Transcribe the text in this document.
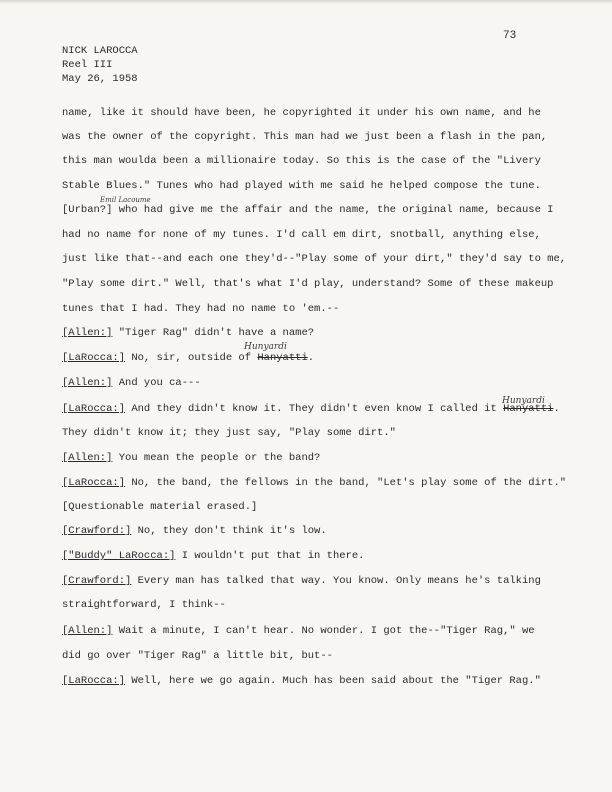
73
NICK LAROCCA
Reel III
May 26, 1958
name, like it should have been, he copyrighted it under his own name, and he
was the owner of the copyright. This man had we just been a flash in the pan,
this man woulda been a millionaire today. So this is the case of the "Livery
Stable Blues." Tunes who had played with me said he helped compose the tune.
[Urban?] who had give me the affair and the name, the original name, because I
had no name for none of my tunes. I'd call em dirt, snotball, anything else,
just like that--and each one they'd--"Play some of your dirt," they'd say to me,
"Play some dirt." Well, that's what I'd play, understand? Some of these makeup
tunes that I had. They had no name to 'em.--
[Allen:] "Tiger Rag" didn't have a name?
[LaRocca:] No, sir, outside of Hanyatti.
[Allen:] And you ca---
[LaRocca:] And they didn't know it. They didn't even know I called it Hanyatti.
They didn't know it; they just say, "Play some dirt."
[Allen:] You mean the people or the band?
[LaRocca:] No, the band, the fellows in the band, "Let's play some of the dirt."
[Questionable material erased.]
[Crawford:] No, they don't think it's low.
["Buddy" LaRocca:] I wouldn't put that in there.
[Crawford:] Every man has talked that way. You know. Only means he's talking
straightforward, I think--
[Allen:] Wait a minute, I can't hear. No wonder. I got the--"Tiger Rag," we
did go over "Tiger Rag" a little bit, but--
[LaRocca:] Well, here we go again. Much has been said about the "Tiger Rag."
Emil Lacoume
Hunyardi
Hunyardi
